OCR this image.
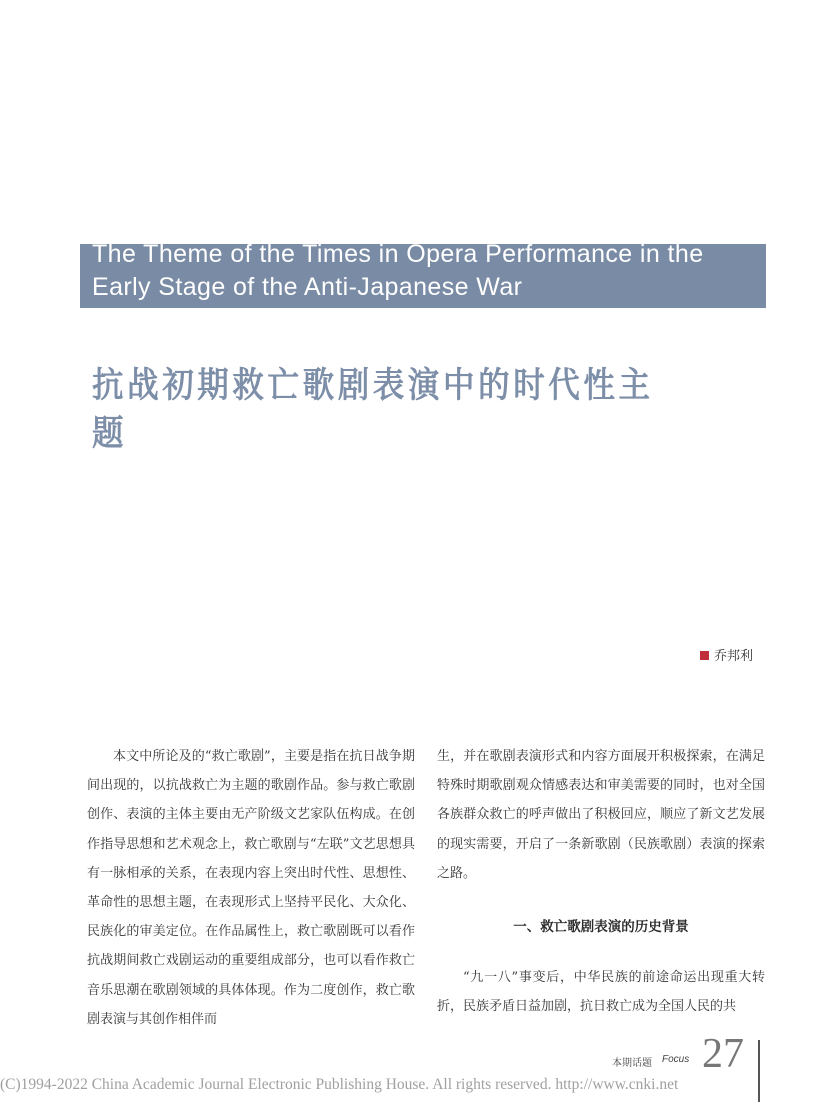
The Theme of the Times in Opera Performance in the Early Stage of the Anti-Japanese War
抗战初期救亡歌剧表演中的时代性主题
乔邦利

本文中所论及的“救亡歌剧”，主要是指在抗日战争期间出现的，以抗战救亡为主题的歌剧作品。参与救亡歌剧创作、表演的主体主要由无产阶级文艺家队伍构成。在创作指导思想和艺术观念上，救亡歌剧与“左联”文艺思想具有一脉相承的关系，在表现内容上突出时代性、思想性、革命性的思想主题，在表现形式上坚持平民化、大众化、民族化的审美定位。在作品属性上，救亡歌剧既可以看作抗战期间救亡戏剧运动的重要组成部分，也可以看作救亡音乐思潮在歌剧领域的具体体现。作为二度创作，救亡歌剧表演与其创作相伴而

生，并在歌剧表演形式和内容方面展开积极探索，在满足特殊时期歌剧观众情感表达和审美需要的同时，也对全国各族群众救亡的呼声做出了积极回应，顺应了新文艺发展的现实需要，开启了一条新歌剧（民族歌剧）表演的探索之路。

一、救亡歌剧表演的历史背景

“九一八”事变后，中华民族的前途命运出现重大转折，民族矛盾日益加剧，抗日救亡成为全国人民的共

本期话题 Focus 27
(C)1994-2022 China Academic Journal Electronic Publishing House. All rights reserved. http://www.cnki.net
